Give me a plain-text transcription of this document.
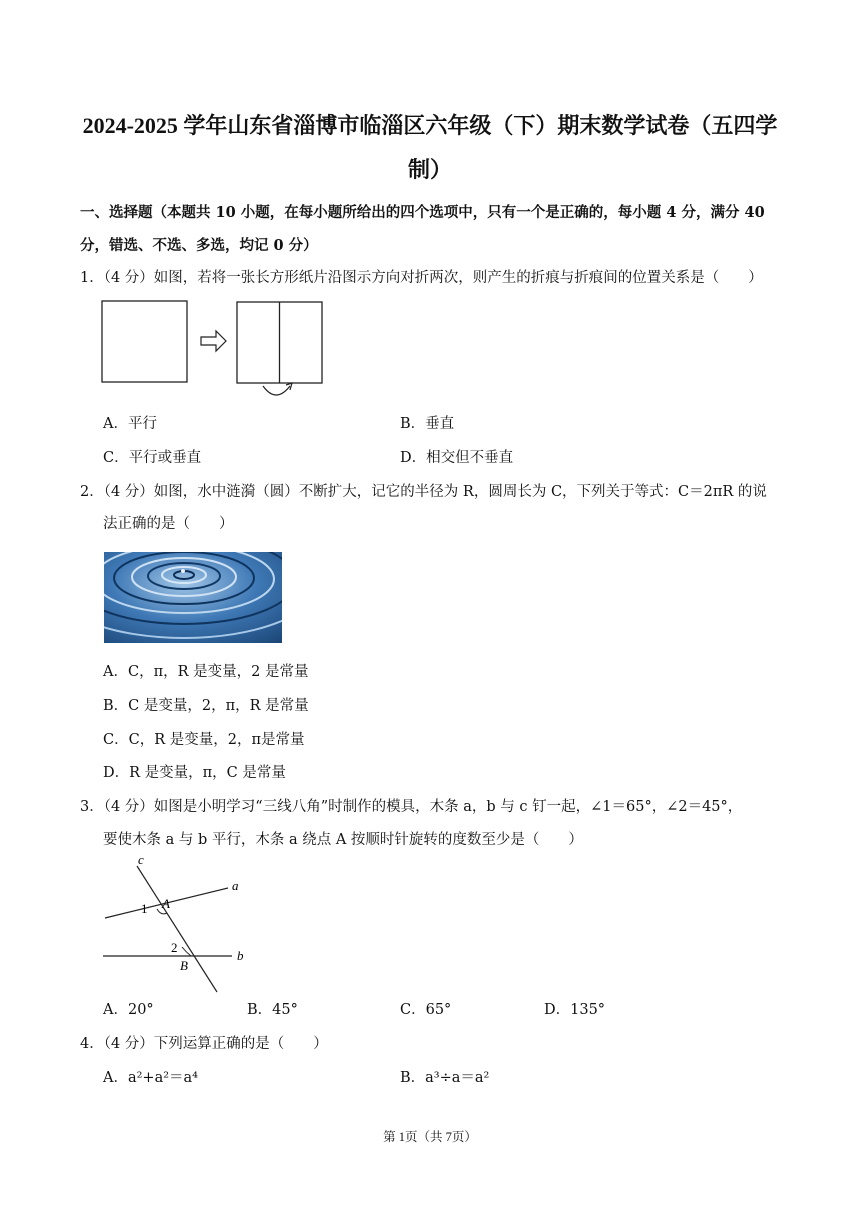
2024-2025 学年山东省淄博市临淄区六年级（下）期末数学试卷（五四学
制）
一、选择题（本题共 10 小题，在每小题所给出的四个选项中，只有一个是正确的，每小题 4 分，满分 40
分，错选、不选、多选，均记 0 分）
1．（4 分）如图，若将一张长方形纸片沿图示方向对折两次，则产生的折痕与折痕间的位置关系是（　　）
A．平行	B．垂直
C．平行或垂直	D．相交但不垂直
2．（4 分）如图，水中涟漪（圆）不断扩大，记它的半径为 R，圆周长为 C，下列关于等式：C＝2πR 的说
法正确的是（　　）
A．C，π，R 是变量，2 是常量
B．C 是变量，2，π，R 是常量
C．C，R 是变量，2，π是常量
D．R 是变量，π，C 是常量
3．（4 分）如图是小明学习“三线八角”时制作的模具，木条 a，b 与 c 钉一起，∠1＝65°，∠2＝45°，
要使木条 a 与 b 平行，木条 a 绕点 A 按顺时针旋转的度数至少是（　　）
c
a
b
A
B
1
2
A．20°	B．45°	C．65°	D．135°
4．（4 分）下列运算正确的是（　　）
A．a²+a²＝a⁴	B．a³÷a＝a²
第 1页（共 7页）
